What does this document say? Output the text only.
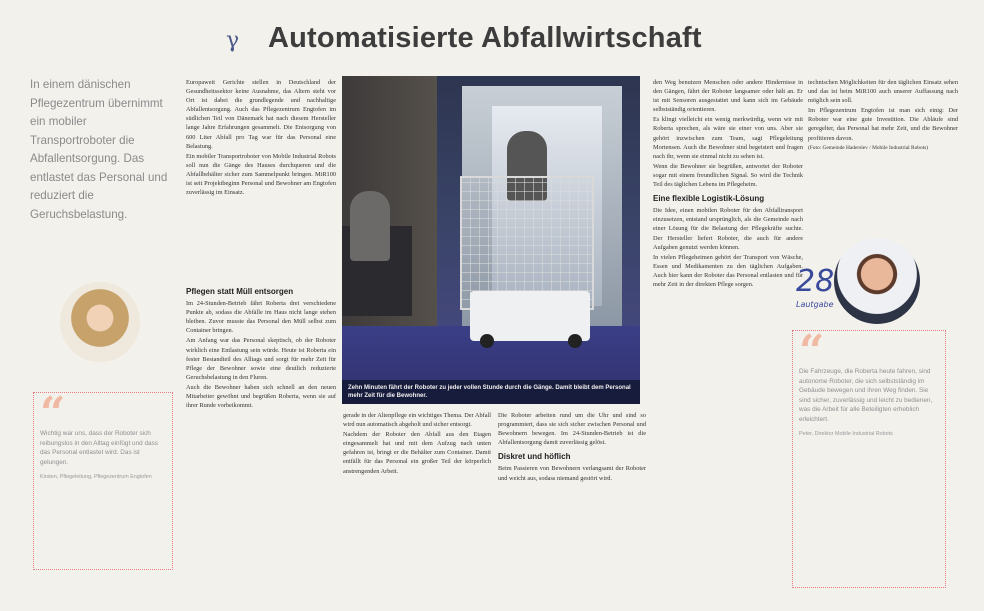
γ Automatisierte Abfallwirtschaft
In einem dänischen Pflegezentrum übernimmt ein mobiler Transportroboter die Abfallentsorgung. Das entlastet das Personal und reduziert die Geruchsbelastung.
“
Wichtig war uns, dass der Roboter sich reibungslos in den Alltag einfügt und dass das Personal entlastet wird. Das ist gelungen.
Kirsten, Pflegeleitung, Pflegezentrum Engtofen

Europaweit Gerichte stellen in Deutschland der Gesundheitssektor keine Ausnahme, das Altern steht vor Ort ist dabei die grundlegende und nachhaltige Abfallentsorgung. Auch das Pflegezentrum Engtofen im südlichen Teil von Dänemark hat nach diesem Hersteller lange Jahre Erfahrungen gesammelt. Die Entsorgung von 600 Liter Abfall pro Tag war für das Personal eine Belastung.

Ein mobiler Transportroboter von Mobile Industrial Robots soll nun die Gänge des Hauses durchqueren und die Abfallbehälter sicher zum Sammelpunkt bringen. MiR100 ist seit Projektbeginn Personal und Bewohner am Engtofen zuverlässig im Einsatz.

Pflegen statt Müll entsorgen

Im 24-Stunden-Betrieb fährt Roberta drei verschiedene Punkte ab, sodass die Abfälle im Haus nicht lange stehen bleiben. Zuvor musste das Personal den Müll selbst zum Container bringen.

Am Anfang war das Personal skeptisch, ob der Roboter wirklich eine Entlastung sein würde. Heute ist Roberta ein fester Bestandteil des Alltags und sorgt für mehr Zeit für Pflege der Bewohner sowie eine deutlich reduzierte Geruchsbelastung in den Fluren.

Auch die Bewohner haben sich schnell an den neuen Mitarbeiter gewöhnt und begrüßen Roberta, wenn sie auf ihrer Runde vorbeikommt.

Zehn Minuten fährt der Roboter zu jeder vollen Stunde durch die Gänge. Damit bleibt dem Personal mehr Zeit für die Bewohner.

gerade in der Altenpflege ein wichtiges Thema. Der Abfall wird nun automatisch abgeholt und sicher entsorgt.

Nachdem der Roboter den Abfall aus den Etagen eingesammelt hat und mit dem Aufzug nach unten gefahren ist, bringt er die Behälter zum Container. Damit entfällt für das Personal ein großer Teil der körperlich anstrengenden Arbeit.

Die Roboter arbeiten rund um die Uhr und sind so programmiert, dass sie sich sicher zwischen Personal und Bewohnern bewegen. Im 24-Stunden-Betrieb ist die Abfallentsorgung damit zuverlässig gelöst.

Diskret und höflich

Beim Passieren von Bewohnern verlangsamt der Roboter und weicht aus, sodass niemand gestört wird.

den Weg benutzen Menschen oder andere Hindernisse in den Gängen, fährt der Roboter langsamer oder hält an. Er ist mit Sensoren ausgestattet und kann sich im Gebäude selbstständig orientieren.

Es klingt vielleicht ein wenig merkwürdig, wenn wir mit Roberta sprechen, als wäre sie einer von uns. Aber sie gehört inzwischen zum Team, sagt Pflegeleitung Mortensen. Auch die Bewohner sind begeistert und fragen nach ihr, wenn sie einmal nicht zu sehen ist.

Wenn die Bewohner sie begrüßen, antwortet der Roboter sogar mit einem freundlichen Signal. So wird die Technik Teil des täglichen Lebens im Pflegeheim.

Eine flexible Logistik-Lösung

Die Idee, einen mobilen Roboter für den Abfalltransport einzusetzen, entstand ursprünglich, als die Gemeinde nach einer Lösung für die Belastung der Pflegekräfte suchte. Der Hersteller liefert Roboter, die auch für andere Aufgaben genutzt werden können.

In vielen Pflegeheimen gehört der Transport von Wäsche, Essen und Medikamenten zu den täglichen Aufgaben. Auch hier kann der Roboter das Personal entlasten und für mehr Zeit in der direkten Pflege sorgen.

technischen Möglichkeiten für den täglichen Einsatz sehen und das ist beim MiR100 auch unserer Auffassung nach möglich sein soll.

Im Pflegezentrum Engtofen ist man sich einig: Der Roboter war eine gute Investition. Die Abläufe sind geregelter, das Personal hat mehr Zeit, und die Bewohner profitieren davon.

(Foto: Gemeinde Haderslev / Mobile Industrial Robots)

28
Lautgabe
“
Die Fahrzeuge, die Roberta heute fahren, sind autonome Roboter, die sich selbstständig im Gebäude bewegen und ihren Weg finden. Sie sind sicher, zuverlässig und leicht zu bedienen, was die Arbeit für alle Beteiligten erheblich erleichtert.
Peter, Direktor Mobile Industrial Robots
